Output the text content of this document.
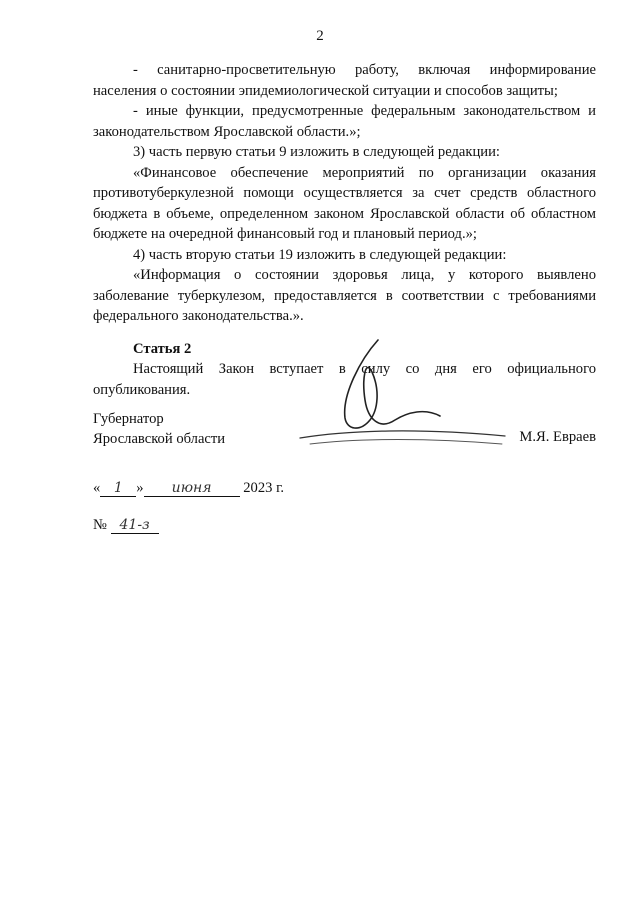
2

- санитарно-просветительную работу, включая информирование населения о состоянии эпидемиологической ситуации и способов защиты;

- иные функции, предусмотренные федеральным законодательством и законодательством Ярославской области.»;

3) часть первую статьи 9 изложить в следующей редакции:

«Финансовое обеспечение мероприятий по организации оказания противотуберкулезной помощи осуществляется за счет средств областного бюджета в объеме, определенном законом Ярославской области об областном бюджете на очередной финансовый год и плановый период.»;

4) часть вторую статьи 19 изложить в следующей редакции:

«Информация о состоянии здоровья лица, у которого выявлено заболевание туберкулезом, предоставляется в соответствии с требованиями федерального законодательства.».

Статья 2

Настоящий Закон вступает в силу со дня его официального опубликования.

Губернатор
Ярославской области	М.Я. Евраев
« 1 » июня 2023 г.
№ 41-з
